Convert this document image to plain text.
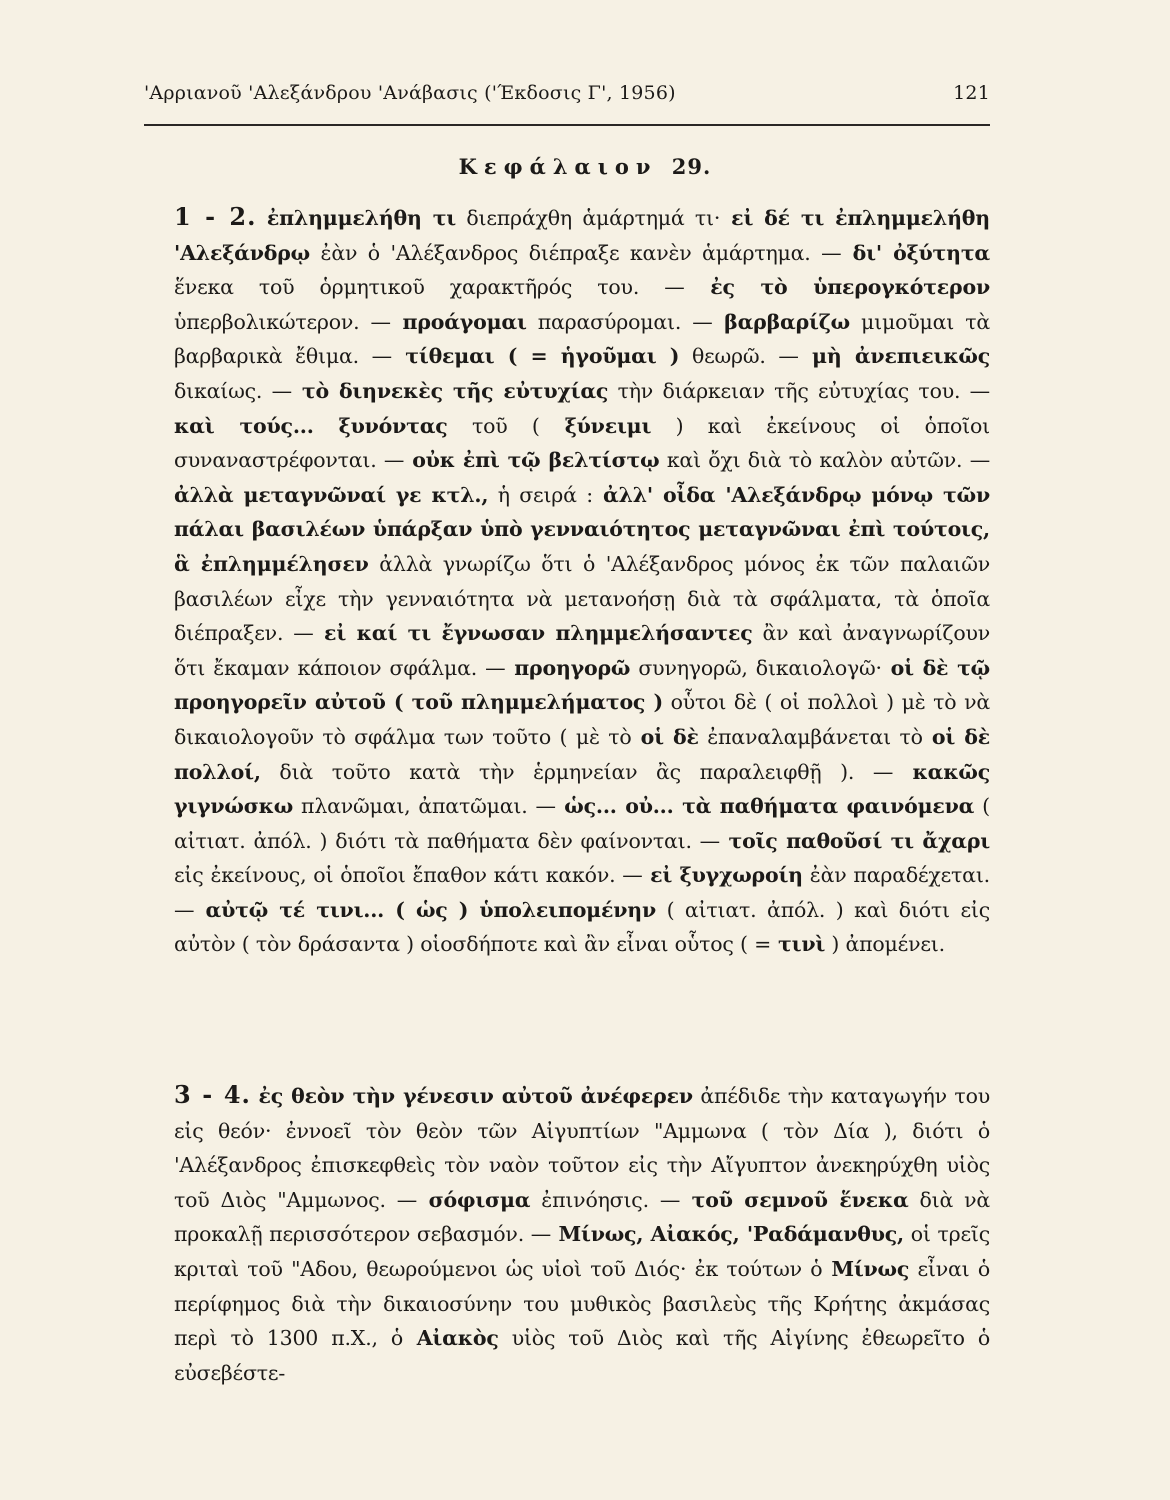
'Αρριανοῦ 'Αλεξάνδρου 'Ανάβασις ('Έκδοσις Γ', 1956)	121
Κεφάλαιον 29.
1 - 2. ἐπλημμελήθη τι διεπράχθη ἁμάρτημά τι· εἰ δέ τι ἐπλημμελήθη 'Αλεξάνδρῳ ἐὰν ὁ 'Αλέξανδρος διέπραξε κανὲν ἁμάρτημα. — δι' ὀξύτητα ἕνεκα τοῦ ὁρμητικοῦ χαρακτῆρός του. — ἐς τὸ ὑπερογκότερον ὑπερβολικώτερον. — προάγομαι παρασύρομαι. — βαρβαρίζω μιμοῦμαι τὰ βαρβαρικὰ ἔθιμα. — τίθεμαι ( = ἡγοῦμαι ) θεωρῶ. — μὴ ἀνεπιεικῶς δικαίως. — τὸ διηνεκὲς τῆς εὐτυχίας τὴν διάρκειαν τῆς εὐτυχίας του. — καὶ τούς... ξυνόντας τοῦ ( ξύνειμι ) καὶ ἐκείνους οἱ ὁποῖοι συναναστρέφονται. — οὐκ ἐπὶ τῷ βελτίστῳ καὶ ὄχι διὰ τὸ καλὸν αὐτῶν. — ἀλλὰ μεταγνῶναί γε κτλ., ἡ σειρά : ἀλλ' οἶδα 'Αλεξάνδρῳ μόνῳ τῶν πάλαι βασιλέων ὑπάρξαν ὑπὸ γενναιότητος μεταγνῶναι ἐπὶ τούτοις, ἃ ἐπλημμέλησεν ἀλλὰ γνωρίζω ὅτι ὁ 'Αλέξανδρος μόνος ἐκ τῶν παλαιῶν βασιλέων εἶχε τὴν γενναιότητα νὰ μετανοήσῃ διὰ τὰ σφάλματα, τὰ ὁποῖα διέπραξεν. — εἰ καί τι ἔγνωσαν πλημμελήσαντες ἂν καὶ ἀναγνωρίζουν ὅτι ἔκαμαν κάποιον σφάλμα. — προηγορῶ συνηγορῶ, δικαιολογῶ· οἱ δὲ τῷ προηγορεῖν αὐτοῦ ( τοῦ πλημμελήματος ) οὗτοι δὲ ( οἱ πολλοὶ ) μὲ τὸ νὰ δικαιολογοῦν τὸ σφάλμα των τοῦτο ( μὲ τὸ οἱ δὲ ἐπαναλαμβάνεται τὸ οἱ δὲ πολλοί, διὰ τοῦτο κατὰ τὴν ἑρμηνείαν ἂς παραλειφθῇ ). — κακῶς γιγνώσκω πλανῶμαι, ἀπατῶμαι. — ὡς... οὐ... τὰ παθήματα φαινόμενα ( αἰτιατ. ἀπόλ. ) διότι τὰ παθήματα δὲν φαίνονται. — τοῖς παθοῦσί τι ἄχαρι εἰς ἐκείνους, οἱ ὁποῖοι ἔπαθον κάτι κακόν. — εἰ ξυγχωροίη ἐὰν παραδέχεται. — αὐτῷ τέ τινι... ( ὡς ) ὑπολειπομένην ( αἰτιατ. ἀπόλ. ) καὶ διότι εἰς αὐτὸν ( τὸν δράσαντα ) οἱοσδήποτε καὶ ἂν εἶναι οὗτος ( = τινὶ ) ἀπομένει.
3 - 4. ἐς θεὸν τὴν γένεσιν αὐτοῦ ἀνέφερεν ἀπέδιδε τὴν καταγωγήν του εἰς θεόν· ἐννοεῖ τὸν θεὸν τῶν Αἰγυπτίων "Αμμωνα ( τὸν Δία ), διότι ὁ 'Αλέξανδρος ἐπισκεφθεὶς τὸν ναὸν τοῦτον εἰς τὴν Αἴγυπτον ἀνεκηρύχθη υἱὸς τοῦ Διὸς "Αμμωνος. — σόφισμα ἐπινόησις. — τοῦ σεμνοῦ ἕνεκα διὰ νὰ προκαλῇ περισσότερον σεβασμόν. — Μίνως, Αἰακός, 'Ραδάμανθυς, οἱ τρεῖς κριταὶ τοῦ "Αδου, θεωρούμενοι ὡς υἱοὶ τοῦ Διός· ἐκ τούτων ὁ Μίνως εἶναι ὁ περίφημος διὰ τὴν δικαιοσύνην του μυθικὸς βασιλεὺς τῆς Κρήτης ἀκμάσας περὶ τὸ 1300 π.Χ., ὁ Αἰακὸς υἱὸς τοῦ Διὸς καὶ τῆς Αἰγίνης ἐθεωρεῖτο ὁ εὐσεβέστε-
